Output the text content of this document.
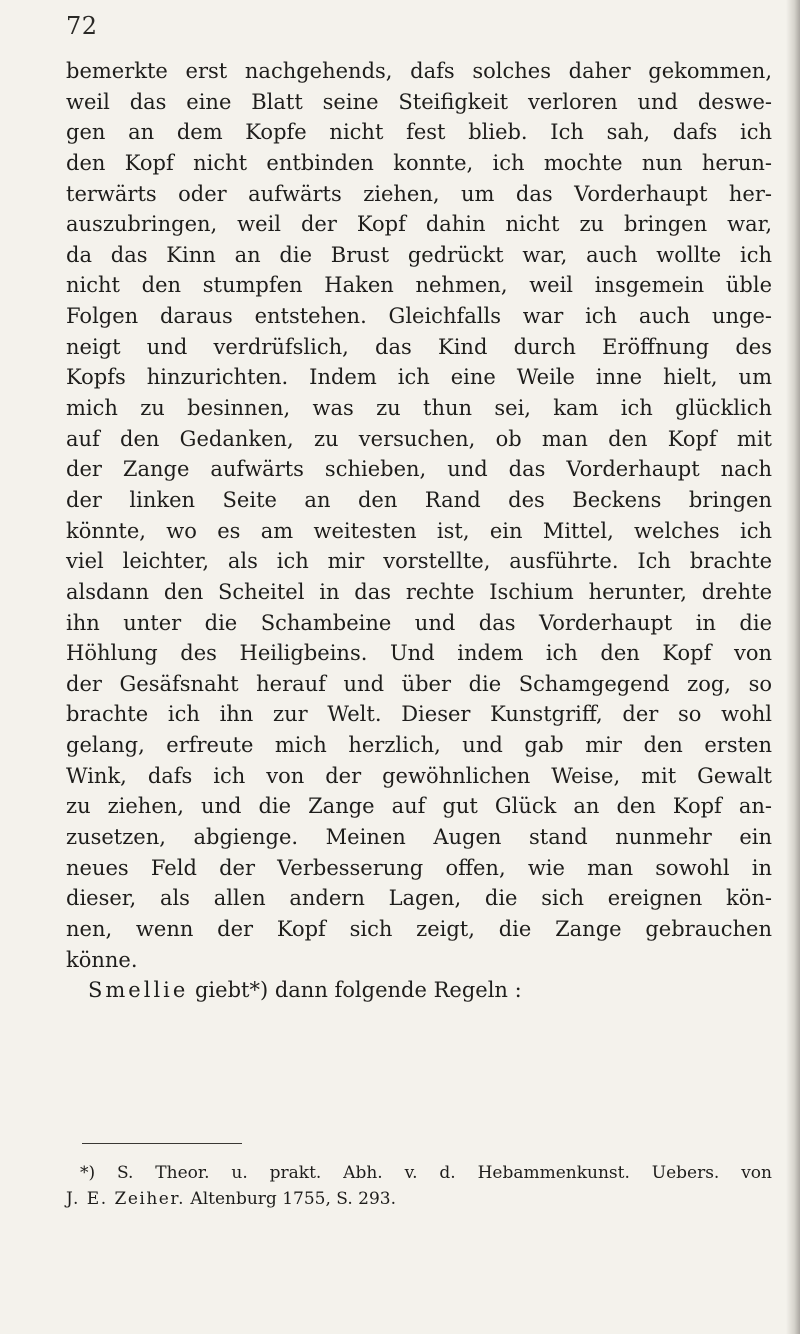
72
bemerkte erst nachgehends, dafs solches daher gekommen,
weil das eine Blatt seine Steifigkeit verloren und deswe-
gen an dem Kopfe nicht fest blieb. Ich sah, dafs ich
den Kopf nicht entbinden konnte, ich mochte nun herun-
terwärts oder aufwärts ziehen, um das Vorderhaupt her-
auszubringen, weil der Kopf dahin nicht zu bringen war,
da das Kinn an die Brust gedrückt war, auch wollte ich
nicht den stumpfen Haken nehmen, weil insgemein üble
Folgen daraus entstehen. Gleichfalls war ich auch unge-
neigt und verdrüfslich, das Kind durch Eröffnung des
Kopfs hinzurichten. Indem ich eine Weile inne hielt, um
mich zu besinnen, was zu thun sei, kam ich glücklich
auf den Gedanken, zu versuchen, ob man den Kopf mit
der Zange aufwärts schieben, und das Vorderhaupt nach
der linken Seite an den Rand des Beckens bringen
könnte, wo es am weitesten ist, ein Mittel, welches ich
viel leichter, als ich mir vorstellte, ausführte. Ich brachte
alsdann den Scheitel in das rechte Ischium herunter, drehte
ihn unter die Schambeine und das Vorderhaupt in die
Höhlung des Heiligbeins. Und indem ich den Kopf von
der Gesäfsnaht herauf und über die Schamgegend zog, so
brachte ich ihn zur Welt. Dieser Kunstgriff, der so wohl
gelang, erfreute mich herzlich, und gab mir den ersten
Wink, dafs ich von der gewöhnlichen Weise, mit Gewalt
zu ziehen, und die Zange auf gut Glück an den Kopf an-
zusetzen, abgienge. Meinen Augen stand nunmehr ein
neues Feld der Verbesserung offen, wie man sowohl in
dieser, als allen andern Lagen, die sich ereignen kön-
nen, wenn der Kopf sich zeigt, die Zange gebrauchen
könne.
Smellie giebt*) dann folgende Regeln :
*) S. Theor. u. prakt. Abh. v. d. Hebammenkunst. Uebers. von
J. E. Zeiher. Altenburg 1755, S. 293.
